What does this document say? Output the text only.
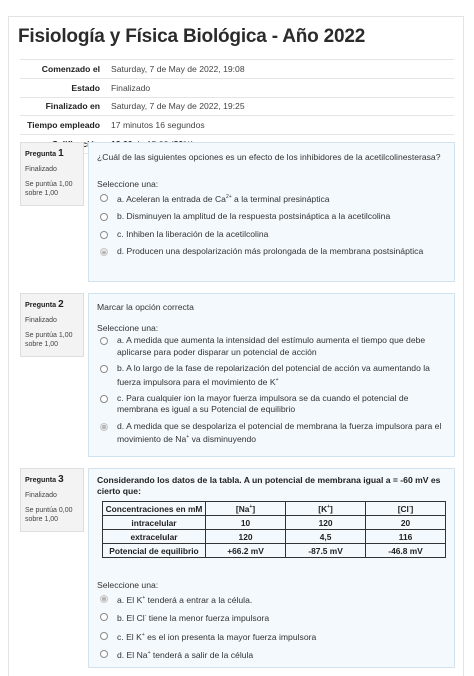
Fisiología y Física Biológica - Año 2022
Comenzado el	Saturday, 7 de May de 2022, 19:08
Estado	Finalizado
Finalizado en	Saturday, 7 de May de 2022, 19:25
Tiempo empleado	17 minutos 16 segundos
Pregunta 1
Finalizado
Se puntúa 1,00
sobre 1,00
¿Cuál de las siguientes opciones es un efecto de los inhibidores de la acetilcolinesterasa?
Seleccione una:
a. Aceleran la entrada de $Ca^{2+}$ a la terminal presináptica
b. Disminuyen la amplitud de la respuesta postsináptica a la acetilcolina
c. Inhiben la liberación de la acetilcolina
d. Producen una despolarización más prolongada de la membrana postsináptica
Pregunta 2
Finalizado
Se puntúa 1,00
sobre 1,00
Marcar la opción correcta
Seleccione una:
a. A medida que aumenta la intensidad del estímulo aumenta el tiempo que debe aplicarse para poder disparar un potencial de acción
b. A lo largo de la fase de repolarización del potencial de acción va aumentando la fuerza impulsora para el movimiento de K+
c. Para cualquier ion la mayor fuerza impulsora se da cuando el potencial de membrana es igual a su Potencial de equilibrio
d. A medida que se despolariza el potencial de membrana la fuerza impulsora para el movimiento de Na+ va disminuyendo
Pregunta 3
Finalizado
Se puntúa 0,00
sobre 1,00
Considerando los datos de la tabla. A un potencial de membrana igual a = -60 mV es cierto que:
Concentraciones en mM	[Na+]	[K+]	[Cl-]
intracelular	10	120	20
extracelular	120	4,5	116
Potencial de equilibrio	+66.2 mV	-87.5 mV	-46.8 mV
Seleccione una:
a. El K+ tenderá a entrar a la célula.
b. El Cl- tiene la menor fuerza impulsora
c. El K+ es el ion presenta la mayor fuerza impulsora
d. El Na+ tenderá a salir de la célula
